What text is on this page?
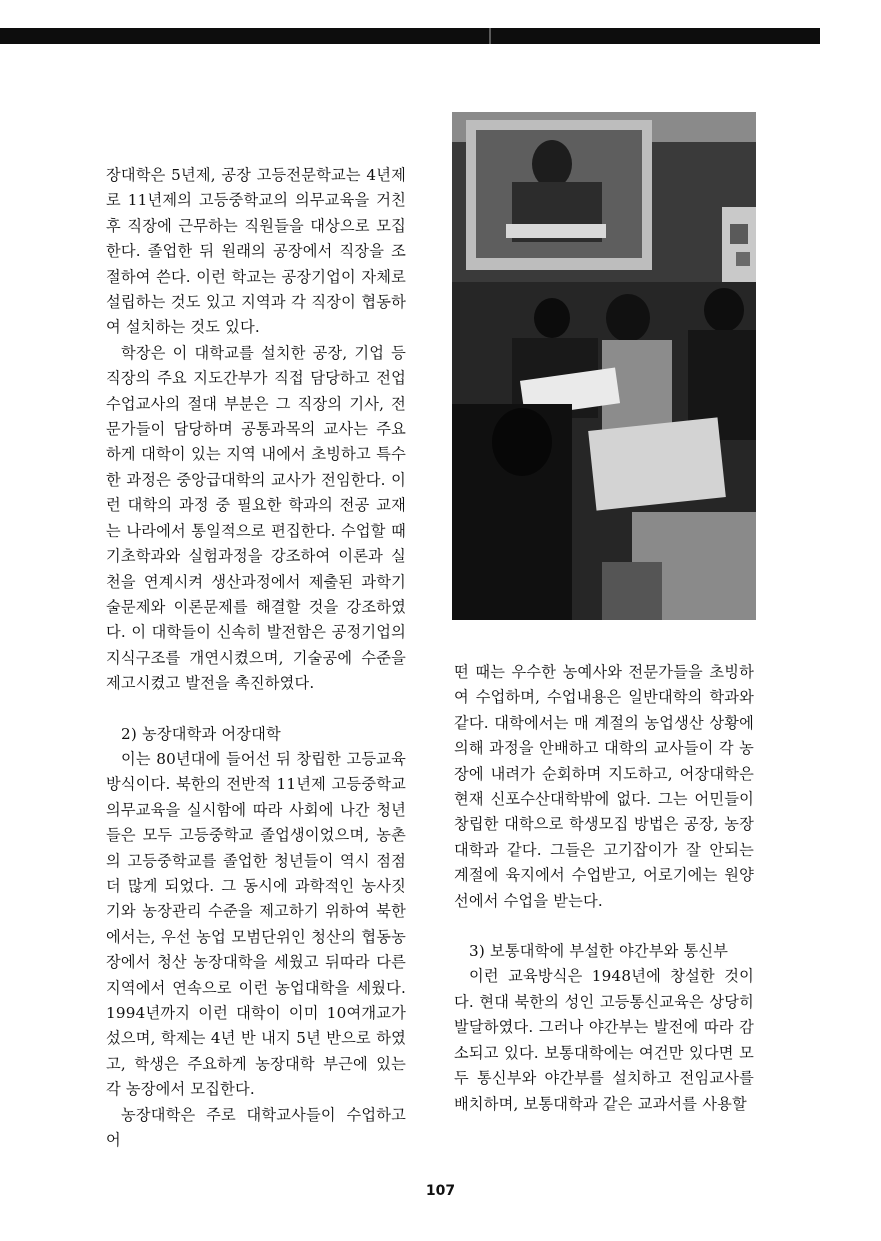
장대학은 5년제, 공장 고등전문학교는 4년제로 11년제의 고등중학교의 의무교육을 거친 후 직장에 근무하는 직원들을 대상으로 모집한다. 졸업한 뒤 원래의 공장에서 직장을 조절하여 쓴다. 이런 학교는 공장기업이 자체로 설립하는 것도 있고 지역과 각 직장이 협동하여 설치하는 것도 있다.

학장은 이 대학교를 설치한 공장, 기업 등 직장의 주요 지도간부가 직접 담당하고 전업수업교사의 절대 부분은 그 직장의 기사, 전문가들이 담당하며 공통과목의 교사는 주요하게 대학이 있는 지역 내에서 초빙하고 특수한 과정은 중앙급대학의 교사가 전임한다. 이런 대학의 과정 중 필요한 학과의 전공 교재는 나라에서 통일적으로 편집한다. 수업할 때 기초학과와 실험과정을 강조하여 이론과 실천을 연계시켜 생산과정에서 제출된 과학기술문제와 이론문제를 해결할 것을 강조하였다. 이 대학들이 신속히 발전함은 공정기업의 지식구조를 개연시켰으며, 기술공에 수준을 제고시켰고 발전을 촉진하였다.

2) 농장대학과 어장대학

이는 80년대에 들어선 뒤 창립한 고등교육방식이다. 북한의 전반적 11년제 고등중학교 의무교육을 실시함에 따라 사회에 나간 청년들은 모두 고등중학교 졸업생이었으며, 농촌의 고등중학교를 졸업한 청년들이 역시 점점 더 많게 되었다. 그 동시에 과학적인 농사짓기와 농장관리 수준을 제고하기 위하여 북한에서는, 우선 농업 모범단위인 청산의 협동농장에서 청산 농장대학을 세웠고 뒤따라 다른 지역에서 연속으로 이런 농업대학을 세웠다. 1994년까지 이런 대학이 이미 10여개교가 섰으며, 학제는 4년 반 내지 5년 반으로 하였고, 학생은 주요하게 농장대학 부근에 있는 각 농장에서 모집한다.

농장대학은 주로 대학교사들이 수업하고 어

떤 때는 우수한 농예사와 전문가들을 초빙하여 수업하며, 수업내용은 일반대학의 학과와 같다. 대학에서는 매 계절의 농업생산 상황에 의해 과정을 안배하고 대학의 교사들이 각 농장에 내려가 순회하며 지도하고, 어장대학은 현재 신포수산대학밖에 없다. 그는 어민들이 창립한 대학으로 학생모집 방법은 공장, 농장대학과 같다. 그들은 고기잡이가 잘 안되는 계절에 육지에서 수업받고, 어로기에는 원양선에서 수업을 받는다.

3) 보통대학에 부설한 야간부와 통신부

이런 교육방식은 1948년에 창설한 것이다. 현대 북한의 성인 고등통신교육은 상당히 발달하였다. 그러나 야간부는 발전에 따라 감소되고 있다. 보통대학에는 여건만 있다면 모두 통신부와 야간부를 설치하고 전임교사를 배치하며, 보통대학과 같은 교과서를 사용할

107
